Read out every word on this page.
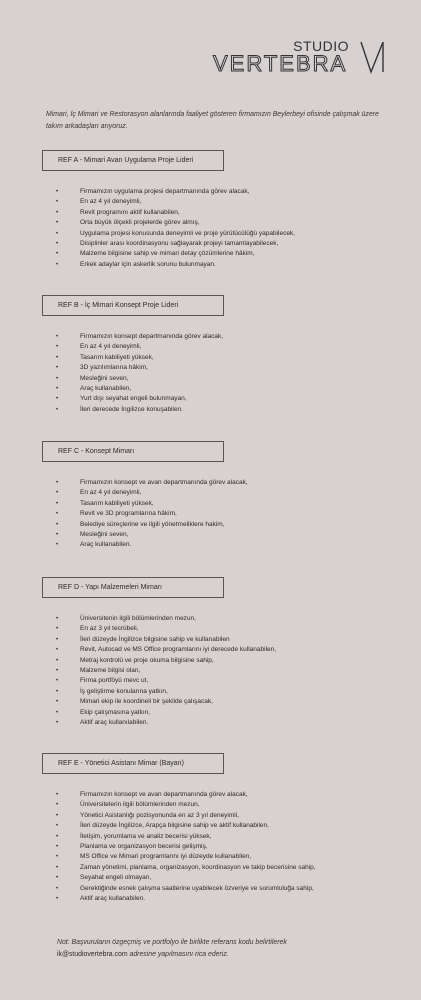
STUDIO
VERTEBRA

Mimari, İç Mimari ve Restorasyon alanlarında faaliyet gösteren firmamızın Beylerbeyi ofisinde çalışmak üzere takım arkadaşları arıyoruz.

REF A - Mimari Avan Uygulama Proje Lideri
• Firmamızın uygulama projesi departmanında görev alacak,
• En az 4 yıl deneyimli,
• Revit programını aktif kullanabilen,
• Orta büyük ölçekli projelerde görev almış,
• Uygulama projesi konusunda deneyimli ve proje yürütücülüğü yapabilecek,
• Disiplinler arası koordinasyonu sağlayarak projeyi tamamlayabilecek,
• Malzeme bilgisine sahip ve mimari detay çözümlerine hâkim,
• Erkek adaylar için askerlik sorunu bulunmayan.
REF B - İç Mimari Konsept Proje Lideri
• Firmamızın konsept departmanında görev alacak,
• En az 4 yıl deneyimli,
• Tasarım kabiliyeti yüksek,
• 3D yazılımlarına hâkim,
• Mesleğini seven,
• Araç kullanabilen,
• Yurt dışı seyahat engeli bulunmayan,
• İleri derecede İngilizce konuşabilen.
REF C - Konsept Mimarı
• Firmamızın konsept ve avan departmanında görev alacak,
• En az 4 yıl deneyimli,
• Tasarım kabiliyeti yüksek,
• Revit ve 3D programlarına hâkim,
• Belediye süreçlerine ve ilgili yönetmeliklere hakim,
• Mesleğini seven,
• Araç kullanabilen.
REF D - Yapı Malzemeleri Mimarı
• Üniversitenin ilgili bölümlerinden mezun,
• En az 3 yıl tecrübeli,
• İleri düzeyde İngilizce bilgisine sahip ve kullanabilen
• Revit, Autocad ve MS Office programlarını iyi derecede kullanabilen,
• Metraj kontrolü ve proje okuma bilgisine sahip,
• Malzeme bilgisi olan,
• Firma portföyü mevc ut,
• İş geliştirme konularına yatkın,
• Mimari ekip ile koordineli bir şekilde çalışacak,
• Ekip çalışmasına yatkın,
• Aktif araç kullanılabilen.
REF E - Yönetici Asistanı Mimar (Bayan)
• Firmamızın konsept ve avan departmanında görev alacak,
• Üniversitelerin ilgili bölümlerinden mezun,
• Yönetici Asistanlığı pozisyonunda en az 3 yıl deneyimli,
• İleri düzeyde İngilizce, Arapça bilgisine sahip ve aktif kullanabilen,
• İletişim, yorumlama ve analiz becerisi yüksek,
• Planlama ve organizasyon becerisi gelişmiş,
• MS Office ve Mimari programlarını iyi düzeyde kullanabilen,
• Zaman yönetimi, planlama, organizasyon, koordinasyon ve takip becerisine sahip,
• Seyahat engeli olmayan,
• Gerektiğinde esnek çalışma saatlerine uyabilecek özveriye ve sorumluluğa sahip,
• Aktif araç kullanabilen.

Not: Başvuruların özgeçmiş ve portfolyo ile birlikte referans kodu belirtilerek
ik@studiovertebra.com adresine yapılmasını rica ederiz.
